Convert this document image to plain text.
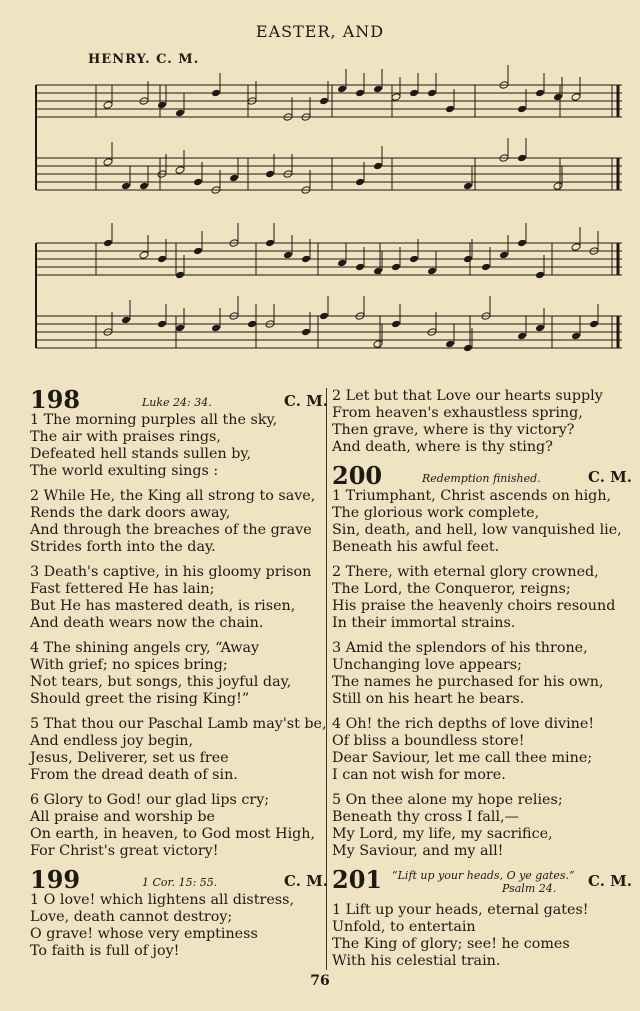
EASTER, AND
HENRY. C. M.
198	Luke 24: 34.	C. M.
1 The morning purples all the sky,
The air with praises rings,
Defeated hell stands sullen by,
The world exulting sings :
2 While He, the King all strong to save,
Rends the dark doors away,
And through the breaches of the grave
Strides forth into the day.
3 Death's captive, in his gloomy prison
Fast fettered He has lain;
But He has mastered death, is risen,
And death wears now the chain.
4 The shining angels cry, “Away
With grief; no spices bring;
Not tears, but songs, this joyful day,
Should greet the rising King!”
5 That thou our Paschal Lamb may'st be,
And endless joy begin,
Jesus, Deliverer, set us free
From the dread death of sin.
6 Glory to God! our glad lips cry;
All praise and worship be
On earth, in heaven, to God most High,
For Christ's great victory!
199	1 Cor. 15: 55.	C. M.
1 O love! which lightens all distress,
Love, death cannot destroy;
O grave! whose very emptiness
To faith is full of joy!
2 Let but that Love our hearts supply
From heaven's exhaustless spring,
Then grave, where is thy victory?
And death, where is thy sting?
200	Redemption finished.	C. M.
1 Triumphant, Christ ascends on high,
The glorious work complete,
Sin, death, and hell, low vanquished lie,
Beneath his awful feet.
2 There, with eternal glory crowned,
The Lord, the Conqueror, reigns;
His praise the heavenly choirs resound
In their immortal strains.
3 Amid the splendors of his throne,
Unchanging love appears;
The names he purchased for his own,
Still on his heart he bears.
4 Oh! the rich depths of love divine!
Of bliss a boundless store!
Dear Saviour, let me call thee mine;
I can not wish for more.
5 On thee alone my hope relies;
Beneath thy cross I fall,—
My Lord, my life, my sacrifice,
My Saviour, and my all!
201 “Lift up your heads, O ye gates.”
Psalm 24. C. M.
1 Lift up your heads, eternal gates!
Unfold, to entertain
The King of glory; see! he comes
With his celestial train.
76
